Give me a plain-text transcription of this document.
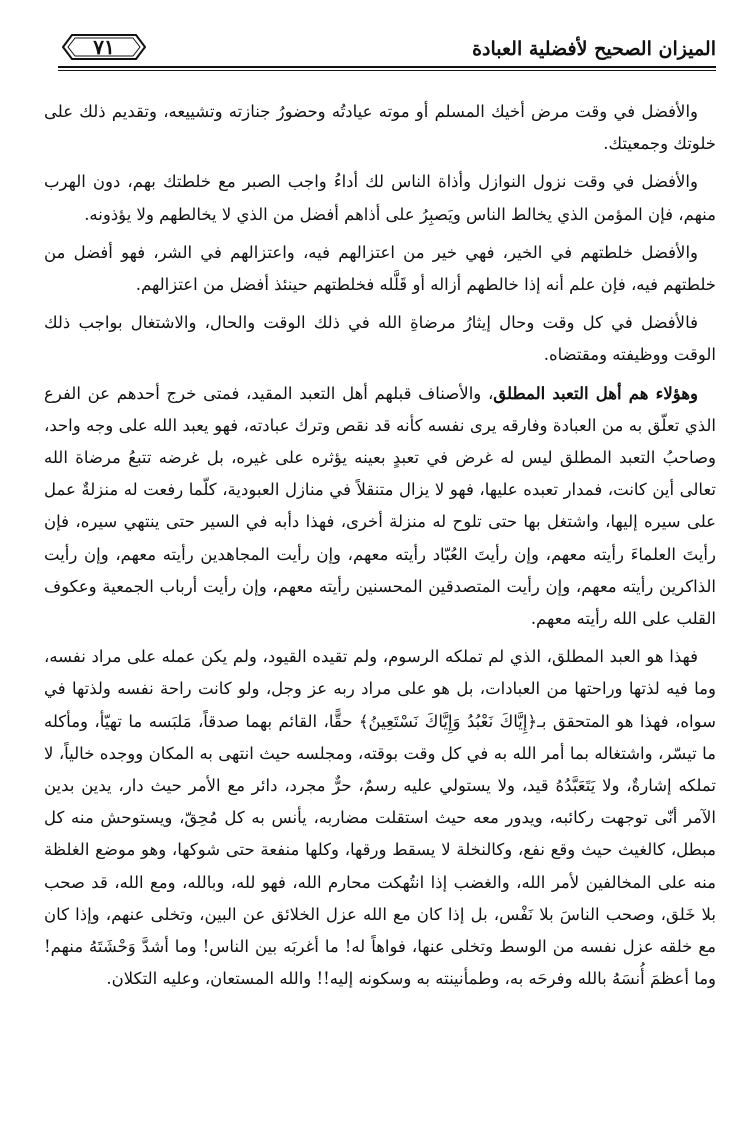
٧١	الميزان الصحيح لأفضلية العبادة

والأفضل في وقت مرض أخيك المسلم أو موته عيادتُه وحضورُ جنازته وتشييعه، وتقديم ذلك على خلوتك وجمعيتك.

والأفضل في وقت نزول النوازل وأذاة الناس لك أداءُ واجب الصبر مع خلطتك بهم، دون الهرب منهم، فإن المؤمن الذي يخالط الناس ويَصبِرُ على أذاهم أفضل من الذي لا يخالطهم ولا يؤذونه.

والأفضل خلطتهم في الخير، فهي خير من اعتزالهم فيه، واعتزالهم في الشر، فهو أفضل من خلطتهم فيه، فإن علم أنه إذا خالطهم أزاله أو قَلَّله فخلطتهم حينئذ أفضل من اعتزالهم.

فالأفضل في كل وقت وحال إيثارُ مرضاةِ الله في ذلك الوقت والحال، والاشتغال بواجب ذلك الوقت ووظيفته ومقتضاه.

وهؤلاء هم أهل التعبد المطلق، والأصناف قبلهم أهل التعبد المقيد، فمتى خرج أحدهم عن الفرع الذي تعلّق به من العبادة وفارقه يرى نفسه كأنه قد نقص وترك عبادته، فهو يعبد الله على وجه واحد، وصاحبُ التعبد المطلق ليس له غرض في تعبدٍ بعينه يؤثره على غيره، بل غرضه تتبعُ مرضاة الله تعالى أين كانت، فمدار تعبده عليها، فهو لا يزال متنقلاً في منازل العبودية، كلّما رفعت له منزلةٌ عمل على سيره إليها، واشتغل بها حتى تلوح له منزلة أخرى، فهذا دأبه في السير حتى ينتهي سيره، فإن رأيتَ العلماءَ رأيته معهم، وإن رأيتَ العُبّاد رأيته معهم، وإن رأيت المجاهدين رأيته معهم، وإن رأيت الذاكرين رأيته معهم، وإن رأيت المتصدقين المحسنين رأيته معهم، وإن رأيت أرباب الجمعية وعكوف القلب على الله رأيته معهم.

فهذا هو العبد المطلق، الذي لم تملكه الرسوم، ولم تقيده القيود، ولم يكن عمله على مراد نفسه، وما فيه لذتها وراحتها من العبادات، بل هو على مراد ربه عز وجل، ولو كانت راحة نفسه ولذتها في سواه، فهذا هو المتحقق بـ﴿إِيَّاكَ نَعْبُدُ وَإِيَّاكَ نَسْتَعِينُ﴾ حقًّا، القائم بهما صدقاً، مَلبَسه ما تهيّأ، ومأكله ما تيسّر، واشتغاله بما أمر الله به في كل وقت بوقته، ومجلسه حيث انتهى به المكان ووجده خالياً، لا تملكه إشارةٌ، ولا يَتَعَبَّدُهُ قيد، ولا يستولي عليه رسمٌ، حرٌّ مجرد، دائر مع الأمر حيث دار، يدين بدين الآمر أنّى توجهت ركائبه، ويدور معه حيث استقلت مضاربه، يأنس به كل مُحِقّ، ويستوحش منه كل مبطل، كالغيث حيث وقع نفع، وكالنخلة لا يسقط ورقها، وكلها منفعة حتى شوكها، وهو موضع الغلظة منه على المخالفين لأمر الله، والغضب إذا انتُهكت محارم الله، فهو لله، وبالله، ومع الله، قد صحب بلا خَلق، وصحب الناسَ بلا نَفْس، بل إذا كان مع الله عزل الخلائق عن البين، وتخلى عنهم، وإذا كان مع خلقه عزل نفسه من الوسط وتخلى عنها، فواهاً له! ما أغربَه بين الناس! وما أشدَّ وَحْشَتَهُ منهم! وما أعظمَ أُنسَهُ بالله وفرحَه به، وطمأنينته به وسكونه إليه!! والله المستعان، وعليه التكلان.
